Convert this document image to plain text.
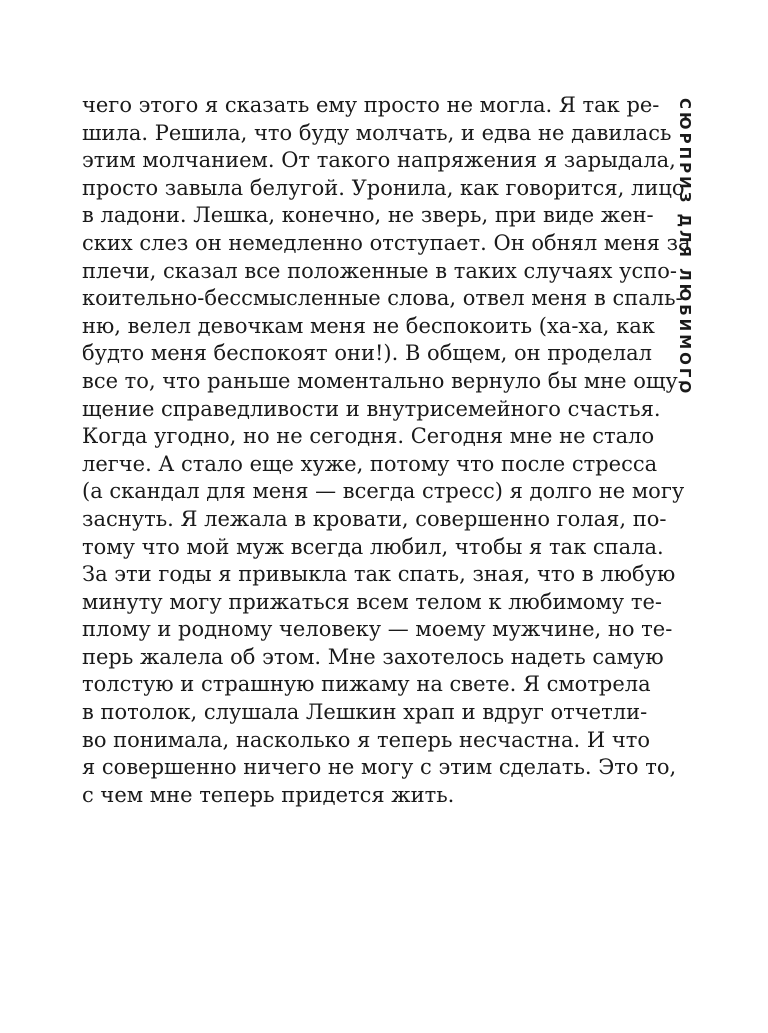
чего этого я сказать ему просто не могла. Я так ре-
шила. Решила, что буду молчать, и едва не давилась
этим молчанием. От такого напряжения я зарыдала,
просто завыла белугой. Уронила, как говорится, лицо
в ладони. Лешка, конечно, не зверь, при виде жен-
ских слез он немедленно отступает. Он обнял меня за
плечи, сказал все положенные в таких случаях успо-
коительно-бессмысленные слова, отвел меня в спаль-
ню, велел девочкам меня не беспокоить (ха-ха, как
будто меня беспокоят они!). В общем, он проделал
все то, что раньше моментально вернуло бы мне ощу-
щение справедливости и внутрисемейного счастья.
Когда угодно, но не сегодня. Сегодня мне не стало
легче. А стало еще хуже, потому что после стресса
(а скандал для меня — всегда стресс) я долго не могу
заснуть. Я лежала в кровати, совершенно голая, по-
тому что мой муж всегда любил, чтобы я так спала.
За эти годы я привыкла так спать, зная, что в любую
минуту могу прижаться всем телом к любимому те-
плому и родному человеку — моему мужчине, но те-
перь жалела об этом. Мне захотелось надеть самую
толстую и страшную пижаму на свете. Я смотрела
в потолок, слушала Лешкин храп и вдруг отчетли-
во понимала, насколько я теперь несчастна. И что
я совершенно ничего не могу с этим сделать. Это то,
с чем мне теперь придется жить.
СЮРПРИЗ ДЛЯ ЛЮБИМОГО
